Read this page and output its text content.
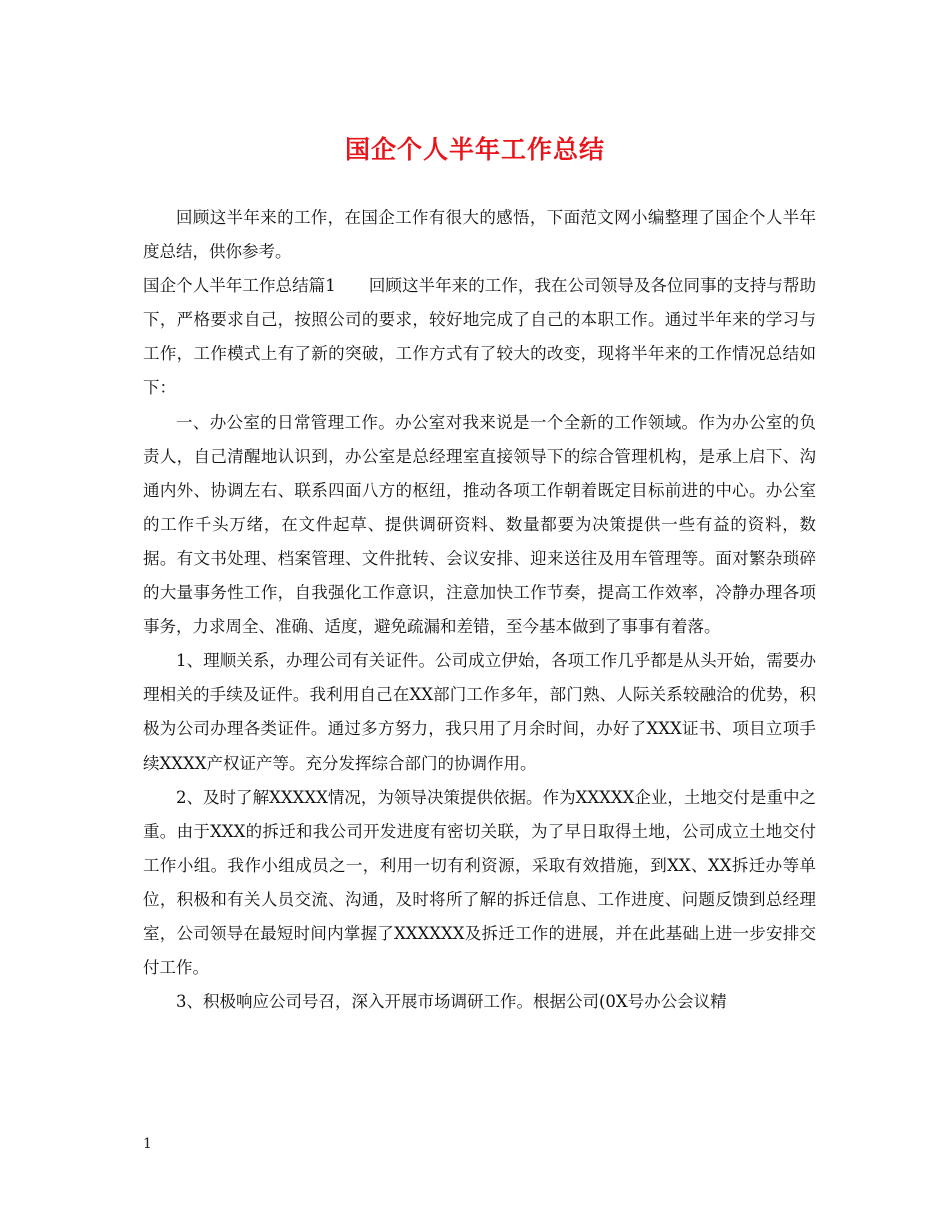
国企个人半年工作总结

回顾这半年来的工作，在国企工作有很大的感悟，下面范文网小编整理了国企个人半年度总结，供你参考。

国企个人半年工作总结篇1　　回顾这半年来的工作，我在公司领导及各位同事的支持与帮助下，严格要求自己，按照公司的要求，较好地完成了自己的本职工作。通过半年来的学习与工作，工作模式上有了新的突破，工作方式有了较大的改变，现将半年来的工作情况总结如下：

一、办公室的日常管理工作。办公室对我来说是一个全新的工作领域。作为办公室的负责人，自己清醒地认识到，办公室是总经理室直接领导下的综合管理机构，是承上启下、沟通内外、协调左右、联系四面八方的枢纽，推动各项工作朝着既定目标前进的中心。办公室的工作千头万绪，在文件起草、提供调研资料、数量都要为决策提供一些有益的资料，数据。有文书处理、档案管理、文件批转、会议安排、迎来送往及用车管理等。面对繁杂琐碎的大量事务性工作，自我强化工作意识，注意加快工作节奏，提高工作效率，冷静办理各项事务，力求周全、准确、适度，避免疏漏和差错，至今基本做到了事事有着落。

1、理顺关系，办理公司有关证件。公司成立伊始，各项工作几乎都是从头开始，需要办理相关的手续及证件。我利用自己在XX部门工作多年，部门熟、人际关系较融洽的优势，积极为公司办理各类证件。通过多方努力，我只用了月余时间，办好了XXX证书、项目立项手续XXXX产权证产等。充分发挥综合部门的协调作用。

2、及时了解XXXXX情况，为领导决策提供依据。作为XXXXX企业，土地交付是重中之重。由于XXX的拆迁和我公司开发进度有密切关联，为了早日取得土地，公司成立土地交付工作小组。我作小组成员之一，利用一切有利资源，采取有效措施，到XX、XX拆迁办等单位，积极和有关人员交流、沟通，及时将所了解的拆迁信息、工作进度、问题反馈到总经理室，公司领导在最短时间内掌握了XXXXXX及拆迁工作的进展，并在此基础上进一步安排交付工作。

3、积极响应公司号召，深入开展市场调研工作。根据公司(0X号办公会议精

1
